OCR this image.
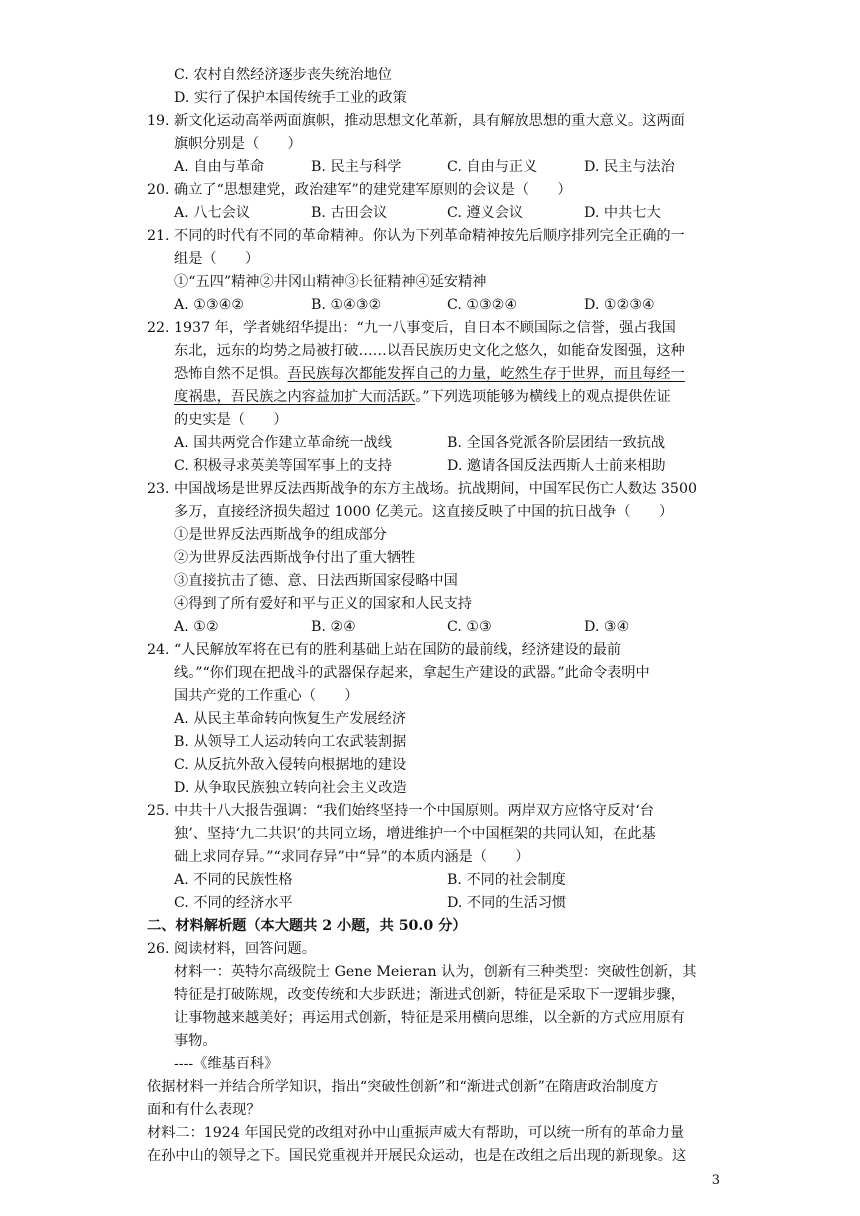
C. 农村自然经济逐步丧失统治地位
D. 实行了保护本国传统手工业的政策
19. 新文化运动高举两面旗帜，推动思想文化革新，具有解放思想的重大意义。这两面
旗帜分别是（　　）
A. 自由与革命	B. 民主与科学	C. 自由与正义	D. 民主与法治
20. 确立了“思想建党，政治建军”的建党建军原则的会议是（　　）
A. 八七会议	B. 古田会议	C. 遵义会议	D. 中共七大
21. 不同的时代有不同的革命精神。你认为下列革命精神按先后顺序排列完全正确的一
组是（　　）
①“五四”精神②井冈山精神③长征精神④延安精神
A. ①③④②	B. ①④③②	C. ①③②④	D. ①②③④
22. 1937 年，学者姚绍华提出：“九一八事变后，自日本不顾国际之信誉，强占我国
东北，远东的均势之局被打破……以吾民族历史文化之悠久，如能奋发图强，这种
恐怖自然不足惧。吾民族每次都能发挥自己的力量，屹然生存于世界，而且每经一
度祸患，吾民族之内容益加扩大而活跃。”下列选项能够为横线上的观点提供佐证
的史实是（　　）
A. 国共两党合作建立革命统一战线	B. 全国各党派各阶层团结一致抗战
C. 积极寻求英美等国军事上的支持	D. 邀请各国反法西斯人士前来相助
23. 中国战场是世界反法西斯战争的东方主战场。抗战期间，中国军民伤亡人数达 3500
多万，直接经济损失超过 1000 亿美元。这直接反映了中国的抗日战争（　　）
①是世界反法西斯战争的组成部分
②为世界反法西斯战争付出了重大牺牲
③直接抗击了德、意、日法西斯国家侵略中国
④得到了所有爱好和平与正义的国家和人民支持
A. ①②	B. ②④	C. ①③	D. ③④
24. “人民解放军将在已有的胜利基础上站在国防的最前线，经济建设的最前
线。”“你们现在把战斗的武器保存起来，拿起生产建设的武器。”此命令表明中
国共产党的工作重心（　　）
A. 从民主革命转向恢复生产发展经济
B. 从领导工人运动转向工农武装割据
C. 从反抗外敌入侵转向根据地的建设
D. 从争取民族独立转向社会主义改造
25. 中共十八大报告强调：“我们始终坚持一个中国原则。两岸双方应恪守反对‘台
独’、坚持‘九二共识’的共同立场，增进维护一个中国框架的共同认知，在此基
础上求同存异。”“求同存异”中“异”的本质内涵是（　　）
A. 不同的民族性格	B. 不同的社会制度
C. 不同的经济水平	D. 不同的生活习惯
二、材料解析题（本大题共 2 小题，共 50.0 分）
26. 阅读材料，回答问题。
材料一：英特尔高级院士 Gene Meieran 认为，创新有三种类型：突破性创新，其
特征是打破陈规，改变传统和大步跃进；渐进式创新，特征是采取下一逻辑步骤，
让事物越来越美好；再运用式创新，特征是采用横向思维，以全新的方式应用原有
事物。
----《维基百科》
依据材料一并结合所学知识，指出“突破性创新”和“渐进式创新”在隋唐政治制度方
面和有什么表现？
材料二：1924 年国民党的改组对孙中山重振声威大有帮助，可以统一所有的革命力量
在孙中山的领导之下。国民党重视并开展民众运动，也是在改组之后出现的新现象。这
3
